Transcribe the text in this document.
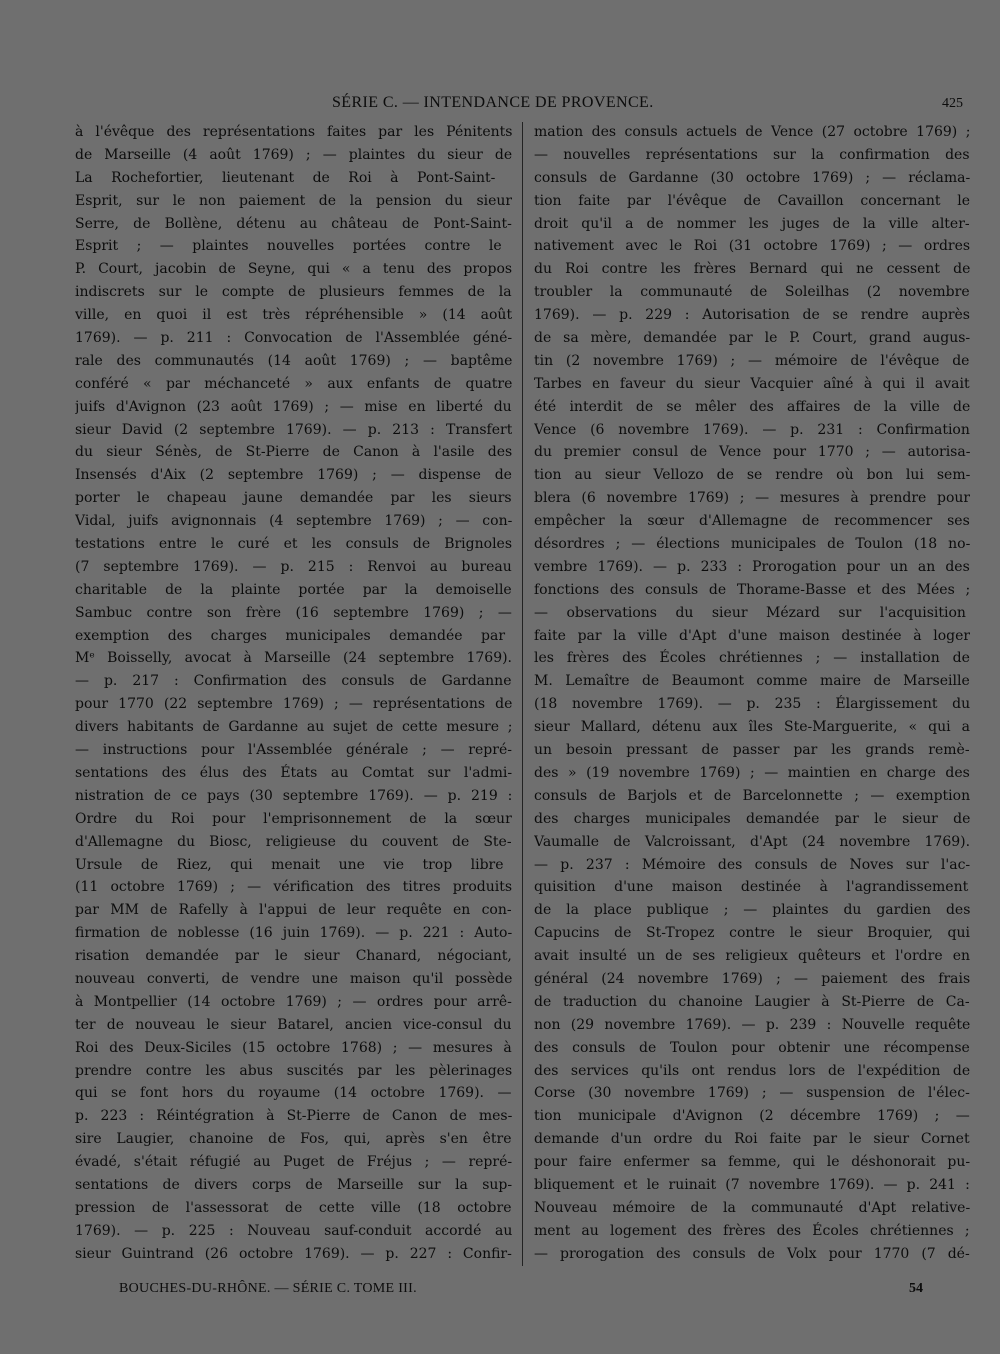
SÉRIE C. — INTENDANCE DE PROVENCE.	425
à l'évêque des représentations faites par les Pénitents
de Marseille (4 août 1769) ; — plaintes du sieur de
La Rochefortier, lieutenant de Roi à Pont-Saint-
Esprit, sur le non paiement de la pension du sieur
Serre, de Bollène, détenu au château de Pont-Saint-
Esprit ; — plaintes nouvelles portées contre le
P. Court, jacobin de Seyne, qui « a tenu des propos
indiscrets sur le compte de plusieurs femmes de la
ville, en quoi il est très répréhensible » (14 août
1769). — p. 211 : Convocation de l'Assemblée géné-
rale des communautés (14 août 1769) ; — baptême
conféré « par méchanceté » aux enfants de quatre
juifs d'Avignon (23 août 1769) ; — mise en liberté du
sieur David (2 septembre 1769). — p. 213 : Transfert
du sieur Sénès, de St-Pierre de Canon à l'asile des
Insensés d'Aix (2 septembre 1769) ; — dispense de
porter le chapeau jaune demandée par les sieurs
Vidal, juifs avignonnais (4 septembre 1769) ; — con-
testations entre le curé et les consuls de Brignoles
(7 septembre 1769). — p. 215 : Renvoi au bureau
charitable de la plainte portée par la demoiselle
Sambuc contre son frère (16 septembre 1769) ; —
exemption des charges municipales demandée par
Mᵉ Boisselly, avocat à Marseille (24 septembre 1769).
— p. 217 : Confirmation des consuls de Gardanne
pour 1770 (22 septembre 1769) ; — représentations de
divers habitants de Gardanne au sujet de cette mesure ;
— instructions pour l'Assemblée générale ; — repré-
sentations des élus des États au Comtat sur l'admi-
nistration de ce pays (30 septembre 1769). — p. 219 :
Ordre du Roi pour l'emprisonnement de la sœur
d'Allemagne du Biosc, religieuse du couvent de Ste-
Ursule de Riez, qui menait une vie trop libre
(11 octobre 1769) ; — vérification des titres produits
par MM de Rafelly à l'appui de leur requête en con-
firmation de noblesse (16 juin 1769). — p. 221 : Auto-
risation demandée par le sieur Chanard, négociant,
nouveau converti, de vendre une maison qu'il possède
à Montpellier (14 octobre 1769) ; — ordres pour arrê-
ter de nouveau le sieur Batarel, ancien vice-consul du
Roi des Deux-Siciles (15 octobre 1768) ; — mesures à
prendre contre les abus suscités par les pèlerinages
qui se font hors du royaume (14 octobre 1769). —
p. 223 : Réintégration à St-Pierre de Canon de mes-
sire Laugier, chanoine de Fos, qui, après s'en être
évadé, s'était réfugié au Puget de Fréjus ; — repré-
sentations de divers corps de Marseille sur la sup-
pression de l'assessorat de cette ville (18 octobre
1769). — p. 225 : Nouveau sauf-conduit accordé au
sieur Guintrand (26 octobre 1769). — p. 227 : Confir-
mation des consuls actuels de Vence (27 octobre 1769) ;
— nouvelles représentations sur la confirmation des
consuls de Gardanne (30 octobre 1769) ; — réclama-
tion faite par l'évêque de Cavaillon concernant le
droit qu'il a de nommer les juges de la ville alter-
nativement avec le Roi (31 octobre 1769) ; — ordres
du Roi contre les frères Bernard qui ne cessent de
troubler la communauté de Soleilhas (2 novembre
1769). — p. 229 : Autorisation de se rendre auprès
de sa mère, demandée par le P. Court, grand augus-
tin (2 novembre 1769) ; — mémoire de l'évêque de
Tarbes en faveur du sieur Vacquier aîné à qui il avait
été interdit de se mêler des affaires de la ville de
Vence (6 novembre 1769). — p. 231 : Confirmation
du premier consul de Vence pour 1770 ; — autorisa-
tion au sieur Vellozo de se rendre où bon lui sem-
blera (6 novembre 1769) ; — mesures à prendre pour
empêcher la sœur d'Allemagne de recommencer ses
désordres ; — élections municipales de Toulon (18 no-
vembre 1769). — p. 233 : Prorogation pour un an des
fonctions des consuls de Thorame-Basse et des Mées ;
— observations du sieur Mézard sur l'acquisition
faite par la ville d'Apt d'une maison destinée à loger
les frères des Écoles chrétiennes ; — installation de
M. Lemaître de Beaumont comme maire de Marseille
(18 novembre 1769). — p. 235 : Élargissement du
sieur Mallard, détenu aux îles Ste-Marguerite, « qui a
un besoin pressant de passer par les grands remè-
des » (19 novembre 1769) ; — maintien en charge des
consuls de Barjols et de Barcelonnette ; — exemption
des charges municipales demandée par le sieur de
Vaumalle de Valcroissant, d'Apt (24 novembre 1769).
— p. 237 : Mémoire des consuls de Noves sur l'ac-
quisition d'une maison destinée à l'agrandissement
de la place publique ; — plaintes du gardien des
Capucins de St-Tropez contre le sieur Broquier, qui
avait insulté un de ses religieux quêteurs et l'ordre en
général (24 novembre 1769) ; — paiement des frais
de traduction du chanoine Laugier à St-Pierre de Ca-
non (29 novembre 1769). — p. 239 : Nouvelle requête
des consuls de Toulon pour obtenir une récompense
des services qu'ils ont rendus lors de l'expédition de
Corse (30 novembre 1769) ; — suspension de l'élec-
tion municipale d'Avignon (2 décembre 1769) ; —
demande d'un ordre du Roi faite par le sieur Cornet
pour faire enfermer sa femme, qui le déshonorait pu-
bliquement et le ruinait (7 novembre 1769). — p. 241 :
Nouveau mémoire de la communauté d'Apt relative-
ment au logement des frères des Écoles chrétiennes ;
— prorogation des consuls de Volx pour 1770 (7 dé-
BOUCHES-DU-RHÔNE. — SÉRIE C. TOME III.	54
